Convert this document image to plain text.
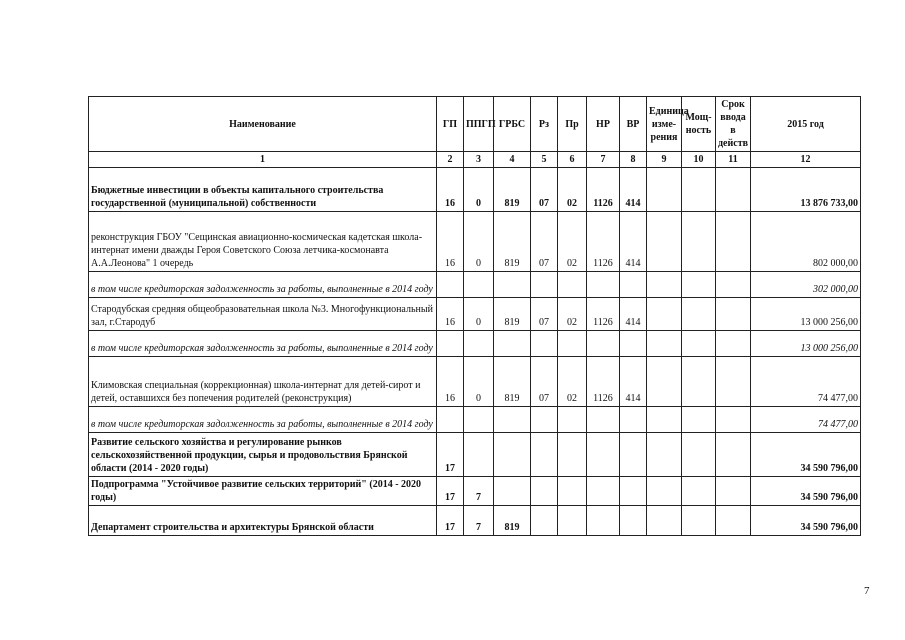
Наименование	ГП	ППГП	ГРБС	Рз	Пр	НР	ВР	Единица изме-рения	Мощ-ность	Срок ввода в действ	2015 год
1	2	3	4	5	6	7	8	9	10	11	12
Бюджетные инвестиции в объекты капитального строительства государственной (муниципальной) собственности	16	0	819	07	02	1126	414				13 876 733,00
реконструкция ГБОУ "Сещинская авиационно-космическая кадетская школа-интернат имени дважды Героя Советского Союза летчика-космонавта А.А.Леонова" 1 очередь	16	0	819	07	02	1126	414				802 000,00
в том числе кредиторская задолженность за работы, выполненные в 2014 году											302 000,00
Стародубская средняя общеобразовательная школа №3. Многофункциональный зал, г.Стародуб	16	0	819	07	02	1126	414				13 000 256,00
в том числе кредиторская задолженность за работы, выполненные в 2014 году											13 000 256,00
Климовская специальная (коррекционная) школа-интернат для детей-сирот и детей, оставшихся без попечения родителей (реконструкция)	16	0	819	07	02	1126	414				74 477,00
в том числе кредиторская задолженность за работы, выполненные в 2014 году											74 477,00
Развитие сельского хозяйства и регулирование рынков сельскохозяйственной продукции, сырья и продовольствия Брянской области (2014 - 2020 годы)	17										34 590 796,00
Подпрограмма "Устойчивое развитие сельских территорий" (2014 - 2020 годы)	17	7									34 590 796,00
Департамент строительства и архитектуры Брянской области	17	7	819								34 590 796,00
7
